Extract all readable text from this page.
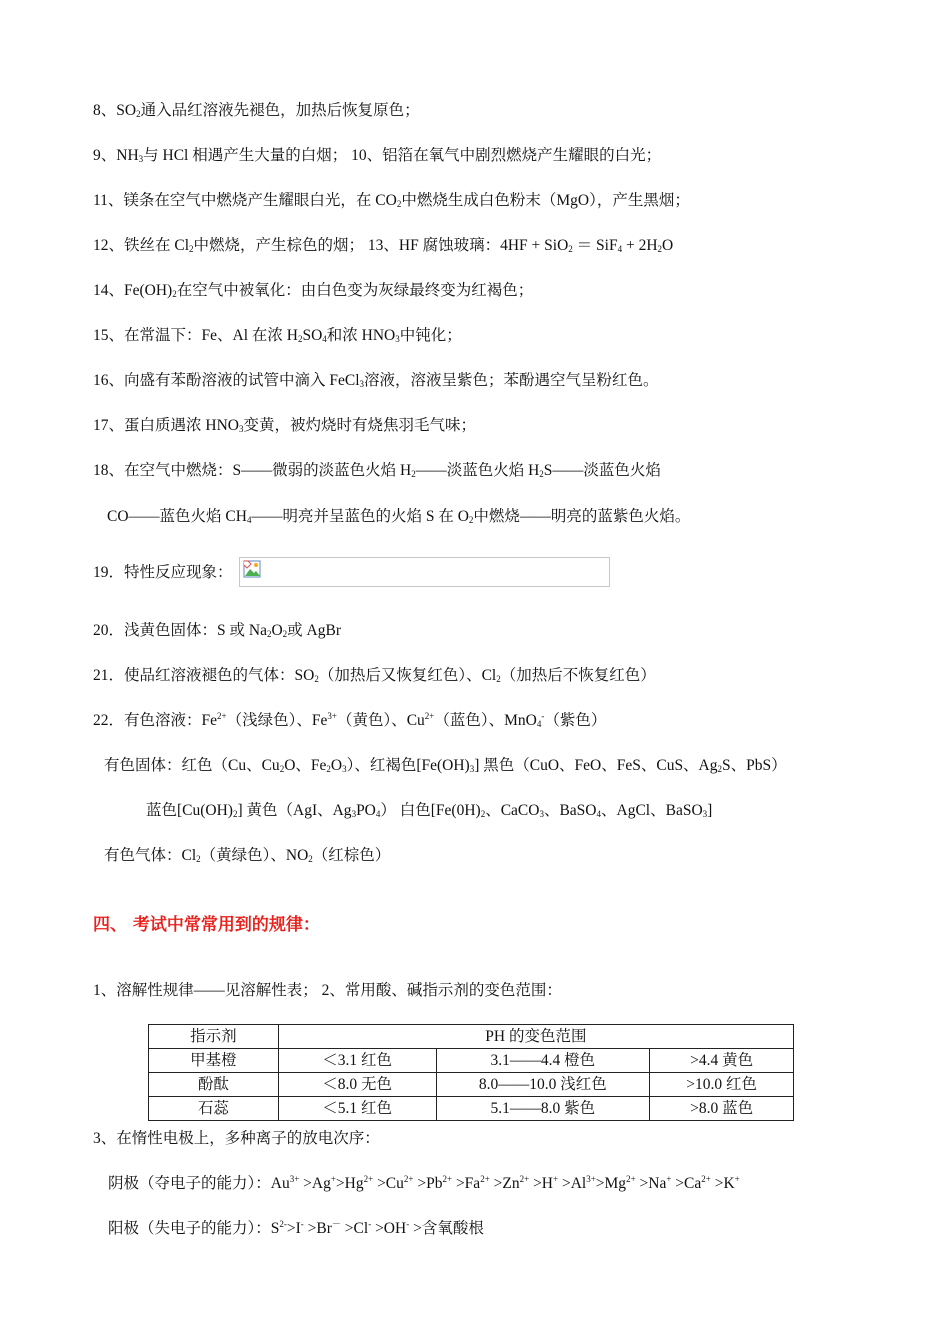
8、$SO_2$通入品红溶液先褪色，加热后恢复原色；
9、$NH_3$与 HCl 相遇产生大量的白烟； 10、铝箔在氧气中剧烈燃烧产生耀眼的白光；
11、镁条在空气中燃烧产生耀眼白光，在 $CO_2$中燃烧生成白色粉末（MgO），产生黑烟；
12、铁丝在 $Cl_2$中燃烧，产生棕色的烟； 13、HF 腐蚀玻璃：$4HF + SiO_2 = SiF_4 + 2H_2O$
14、$Fe(OH)_2$在空气中被氧化：由白色变为灰绿最终变为红褐色；
15、在常温下：Fe、Al 在浓 $H_2SO_4$和浓 $HNO_3$中钝化；
16、向盛有苯酚溶液的试管中滴入 FeCl$_3$溶液，溶液呈紫色；苯酚遇空气呈粉红色。
17、蛋白质遇浓 $HNO_3$变黄，被灼烧时有烧焦羽毛气味；
18、在空气中燃烧：S——微弱的淡蓝色火焰 $H_2——$淡蓝色火焰 $H_2S——$淡蓝色火焰
CO——蓝色火焰 $CH_4——$明亮并呈蓝色的火焰 S 在 $O_2$中燃烧——明亮的蓝紫色火焰。
19．特性反应现象：
20．浅黄色固体：S 或 $Na_2O_2$或 AgBr
21．使品红溶液褪色的气体：$SO_2$（加热后又恢复红色）、$Cl_2$（加热后不恢复红色）
22．有色溶液：$Fe^{2+}$（浅绿色）、$Fe^{3+}$（黄色）、$Cu^{2+}$（蓝色）、MnO$_4$-（紫色）
有色固体：红色（Cu、$Cu_2O$、$Fe_2O_3$）、红褐色$[Fe(OH)_3]$ 黑色（CuO、FeO、FeS、CuS、$Ag_2S$、PbS）
蓝色$[Cu(OH)_2]$ 黄色（AgI、$Ag_3PO_4$） 白色[$Fe(0H)_2$、CaCO$_3$、BaSO$_4$、AgCl、BaSO$_3$]
有色气体：$Cl_2$（黄绿色）、$NO_2$（红棕色）
四、 考试中常常用到的规律：
1、溶解性规律——见溶解性表； 2、常用酸、碱指示剂的变色范围：
指示剂	PH 的变色范围		
甲基橙	＜3.1 红色	3.1——4.4 橙色	>4.4 黄色
酚酞	＜8.0 无色	8.0——10.0 浅红色	>10.0 红色
石蕊	＜5.1 红色	5.1——8.0 紫色	>8.0 蓝色
3、在惰性电极上，多种离子的放电次序：
阴极（夺电子的能力）：$Au^{3+} >Ag^+>Hg^{2+} >Cu^{2+} >Pb^{2+} >Fa^{2+} >Zn^{2+} >H^+ >Al^{3+}>Mg^{2+} >Na^+ >Ca^{2+} >K^+$
阳极（失电子的能力）：$S^{2-}>I^- >Br^- >Cl^- >OH^-$ >含氧酸根
